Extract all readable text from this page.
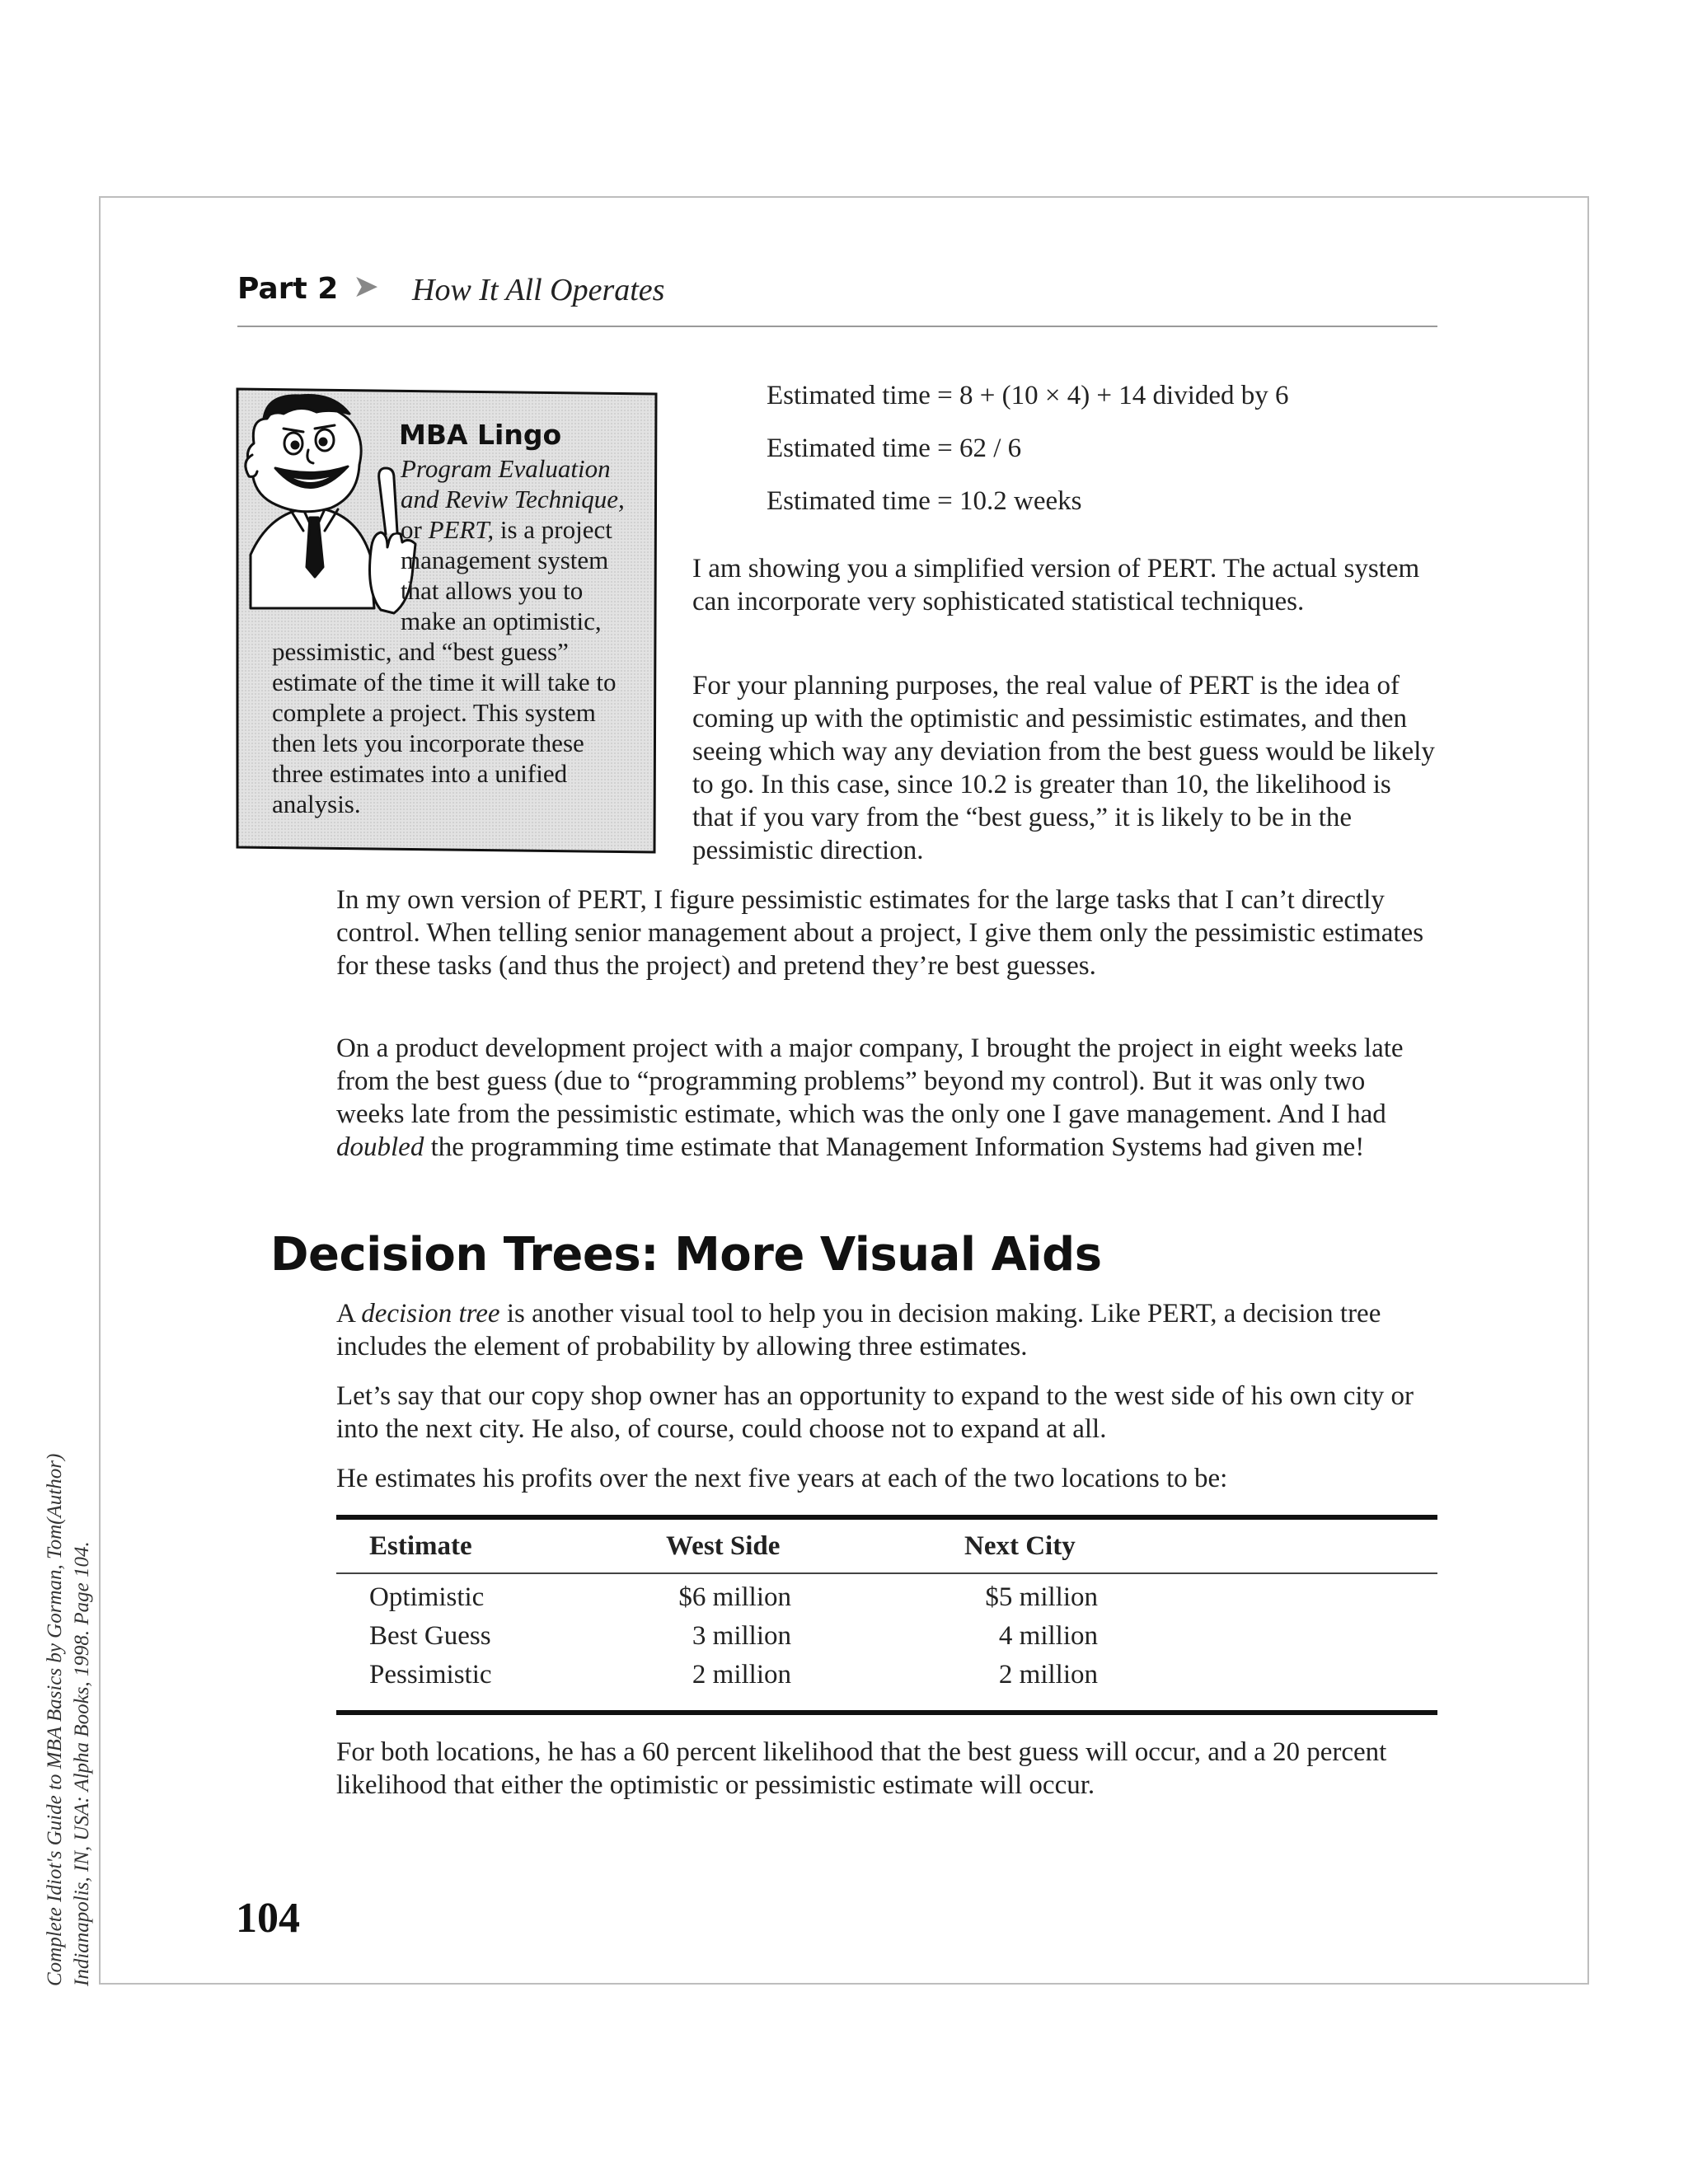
Complete Idiot's Guide to MBA Basics by Gorman, Tom(Author) Indianapolis, IN, USA: Alpha Books, 1998. Page 104.
Part 2 ➤ How It All Operates
MBA Lingo
Program Evaluation and Reviw Technique, or PERT, is a project management system that allows you to make an optimistic, pessimistic, and “best guess” estimate of the time it will take to complete a project. This system then lets you incorporate these three estimates into a unified analysis.
Estimated time = 8 + (10 × 4) + 14 divided by 6
Estimated time = 62 / 6
Estimated time = 10.2 weeks

I am showing you a simplified version of PERT. The actual system can incorporate very sophisticated statistical techniques.

For your planning purposes, the real value of PERT is the idea of coming up with the optimistic and pessimistic estimates, and then seeing which way any deviation from the best guess would be likely to go. In this case, since 10.2 is greater than 10, the likelihood is that if you vary from the “best guess,” it is likely to be in the pessimistic direction.

In my own version of PERT, I figure pessimistic estimates for the large tasks that I can’t directly control. When telling senior management about a project, I give them only the pessimistic estimates for these tasks (and thus the project) and pretend they’re best guesses.

On a product development project with a major company, I brought the project in eight weeks late from the best guess (due to “programming problems” beyond my control). But it was only two weeks late from the pessimistic estimate, which was the only one I gave management. And I had doubled the programming time estimate that Management Information Systems had given me!

Decision Trees: More Visual Aids

A decision tree is another visual tool to help you in decision making. Like PERT, a decision tree includes the element of probability by allowing three estimates.

Let’s say that our copy shop owner has an opportunity to expand to the west side of his own city or into the next city. He also, of course, could choose not to expand at all.

He estimates his profits over the next five years at each of the two locations to be:

Estimate	West Side	Next City
Optimistic	$6 million	$5 million
Best Guess	3 million	4 million
Pessimistic	2 million	2 million

For both locations, he has a 60 percent likelihood that the best guess will occur, and a 20 percent likelihood that either the optimistic or pessimistic estimate will occur.

104
